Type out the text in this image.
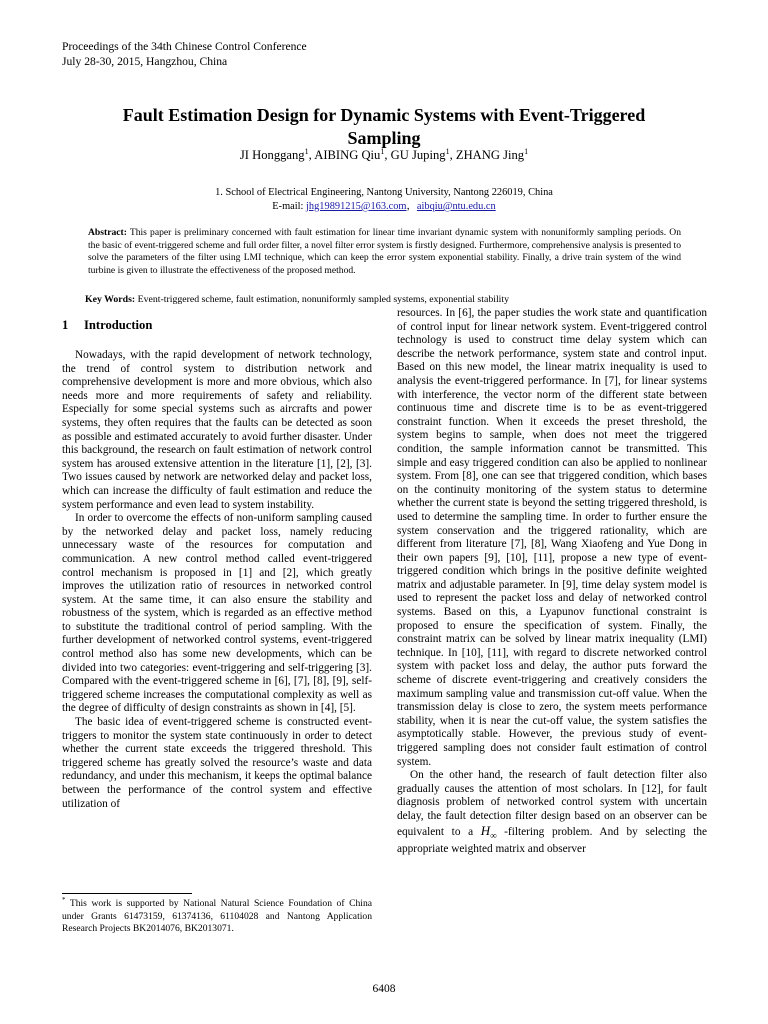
Proceedings of the 34th Chinese Control Conference
July 28-30, 2015, Hangzhou, China
Fault Estimation Design for Dynamic Systems with Event-Triggered
Sampling
JI Honggang$^1$, AIBING Qiu$^1$, GU Juping$^1$, ZHANG Jing$^1$
1. School of Electrical Engineering, Nantong University, Nantong 226019, China
E-mail: jhg19891215@163.com，aibqiu@ntu.edu.cn
Abstract: This paper is preliminary concerned with fault estimation for linear time invariant dynamic system with nonuniformly sampling periods. On the basic of event-triggered scheme and full order filter, a novel filter error system is firstly designed. Furthermore, comprehensive analysis is presented to solve the parameters of the filter using LMI technique, which can keep the error system exponential stability. Finally, a drive train system of the wind turbine is given to illustrate the effectiveness of the proposed method.
Key Words: Event-triggered scheme, fault estimation, nonuniformly sampled systems, exponential stability
1 Introduction

Nowadays, with the rapid development of network technology, the trend of control system to distribution network and comprehensive development is more and more obvious, which also needs more and more requirements of safety and reliability. Especially for some special systems such as aircrafts and power systems, they often requires that the faults can be detected as soon as possible and estimated accurately to avoid further disaster. Under this background, the research on fault estimation of network control system has aroused extensive attention in the literature [1], [2], [3]. Two issues caused by network are networked delay and packet loss, which can increase the difficulty of fault estimation and reduce the system performance and even lead to system instability.

In order to overcome the effects of non-uniform sampling caused by the networked delay and packet loss, namely reducing unnecessary waste of the resources for computation and communication. A new control method called event-triggered control mechanism is proposed in [1] and [2], which greatly improves the utilization ratio of resources in networked control system. At the same time, it can also ensure the stability and robustness of the system, which is regarded as an effective method to substitute the traditional control of period sampling. With the further development of networked control systems, event-triggered control method also has some new developments, which can be divided into two categories: event-triggering and self-triggering [3]. Compared with the event-triggered scheme in [6], [7], [8], [9], self-triggered scheme increases the computational complexity as well as the degree of difficulty of design constraints as shown in [4], [5].

The basic idea of event-triggered scheme is constructed event-triggers to monitor the system state continuously in order to detect whether the current state exceeds the triggered threshold. This triggered scheme has greatly solved the resource’s waste and data redundancy, and under this mechanism, it keeps the optimal balance between the performance of the control system and effective utilization of

resources. In [6], the paper studies the work state and quantification of control input for linear network system. Event-triggered control technology is used to construct time delay system which can describe the network performance, system state and control input. Based on this new model, the linear matrix inequality is used to analysis the event-triggered performance. In [7], for linear systems with interference, the vector norm of the different state between continuous time and discrete time is to be as event-triggered constraint function. When it exceeds the preset threshold, the system begins to sample, when does not meet the triggered condition, the sample information cannot be transmitted. This simple and easy triggered condition can also be applied to nonlinear system. From [8], one can see that triggered condition, which bases on the continuity monitoring of the system status to determine whether the current state is beyond the setting triggered threshold, is used to determine the sampling time. In order to further ensure the system conservation and the triggered rationality, which are different from literature [7], [8], Wang Xiaofeng and Yue Dong in their own papers [9], [10], [11], propose a new type of event-triggered condition which brings in the positive definite weighted matrix and adjustable parameter. In [9], time delay system model is used to represent the packet loss and delay of networked control systems. Based on this, a Lyapunov functional constraint is proposed to ensure the specification of system. Finally, the constraint matrix can be solved by linear matrix inequality (LMI) technique. In [10], [11], with regard to discrete networked control system with packet loss and delay, the author puts forward the scheme of discrete event-triggering and creatively considers the maximum sampling value and transmission cut-off value. When the transmission delay is close to zero, the system meets performance stability, when it is near the cut-off value, the system satisfies the asymptotically stable. However, the previous study of event-triggered sampling does not consider fault estimation of control system.

On the other hand, the research of fault detection filter also gradually causes the attention of most scholars. In [12], for fault diagnosis problem of networked control system with uncertain delay, the fault detection filter design based on an observer can be equivalent to a $H_\infty$ -filtering problem. And by selecting the appropriate weighted matrix and observer

* This work is supported by National Natural Science Foundation of China under Grants 61473159, 61374136, 61104028 and Nantong Application Research Projects BK2014076, BK2013071.
6408
